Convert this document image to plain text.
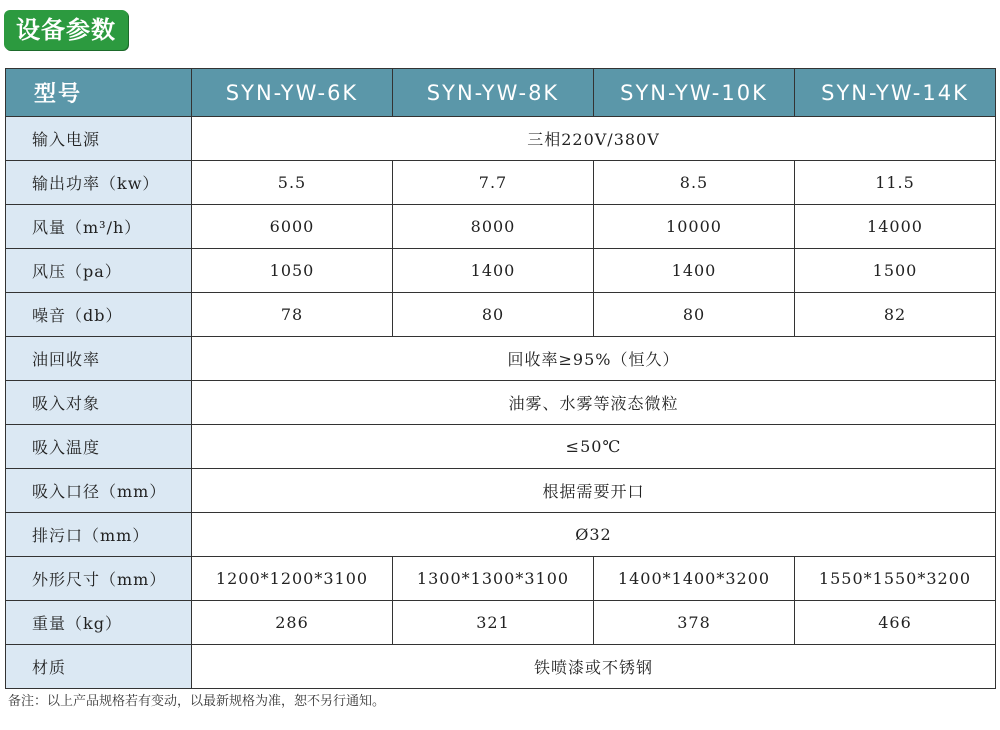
设备参数
型号	SYN-YW-6K	SYN-YW-8K	SYN-YW-10K	SYN-YW-14K
输入电源	三相220V/380V			
输出功率（kw）	5.5	7.7	8.5	11.5
风量（m³/h）	6000	8000	10000	14000
风压（pa）	1050	1400	1400	1500
噪音（db）	78	80	80	82
油回收率	回收率≥95%（恒久）			
吸入对象	油雾、水雾等液态微粒			
吸入温度	≤50℃			
吸入口径（mm）	根据需要开口			
排污口（mm）	Ø32			
外形尺寸（mm）	1200*1200*3100	1300*1300*3100	1400*1400*3200	1550*1550*3200
重量（kg）	286	321	378	466
材质	铁喷漆或不锈钢			
备注：以上产品规格若有变动，以最新规格为准，恕不另行通知。
